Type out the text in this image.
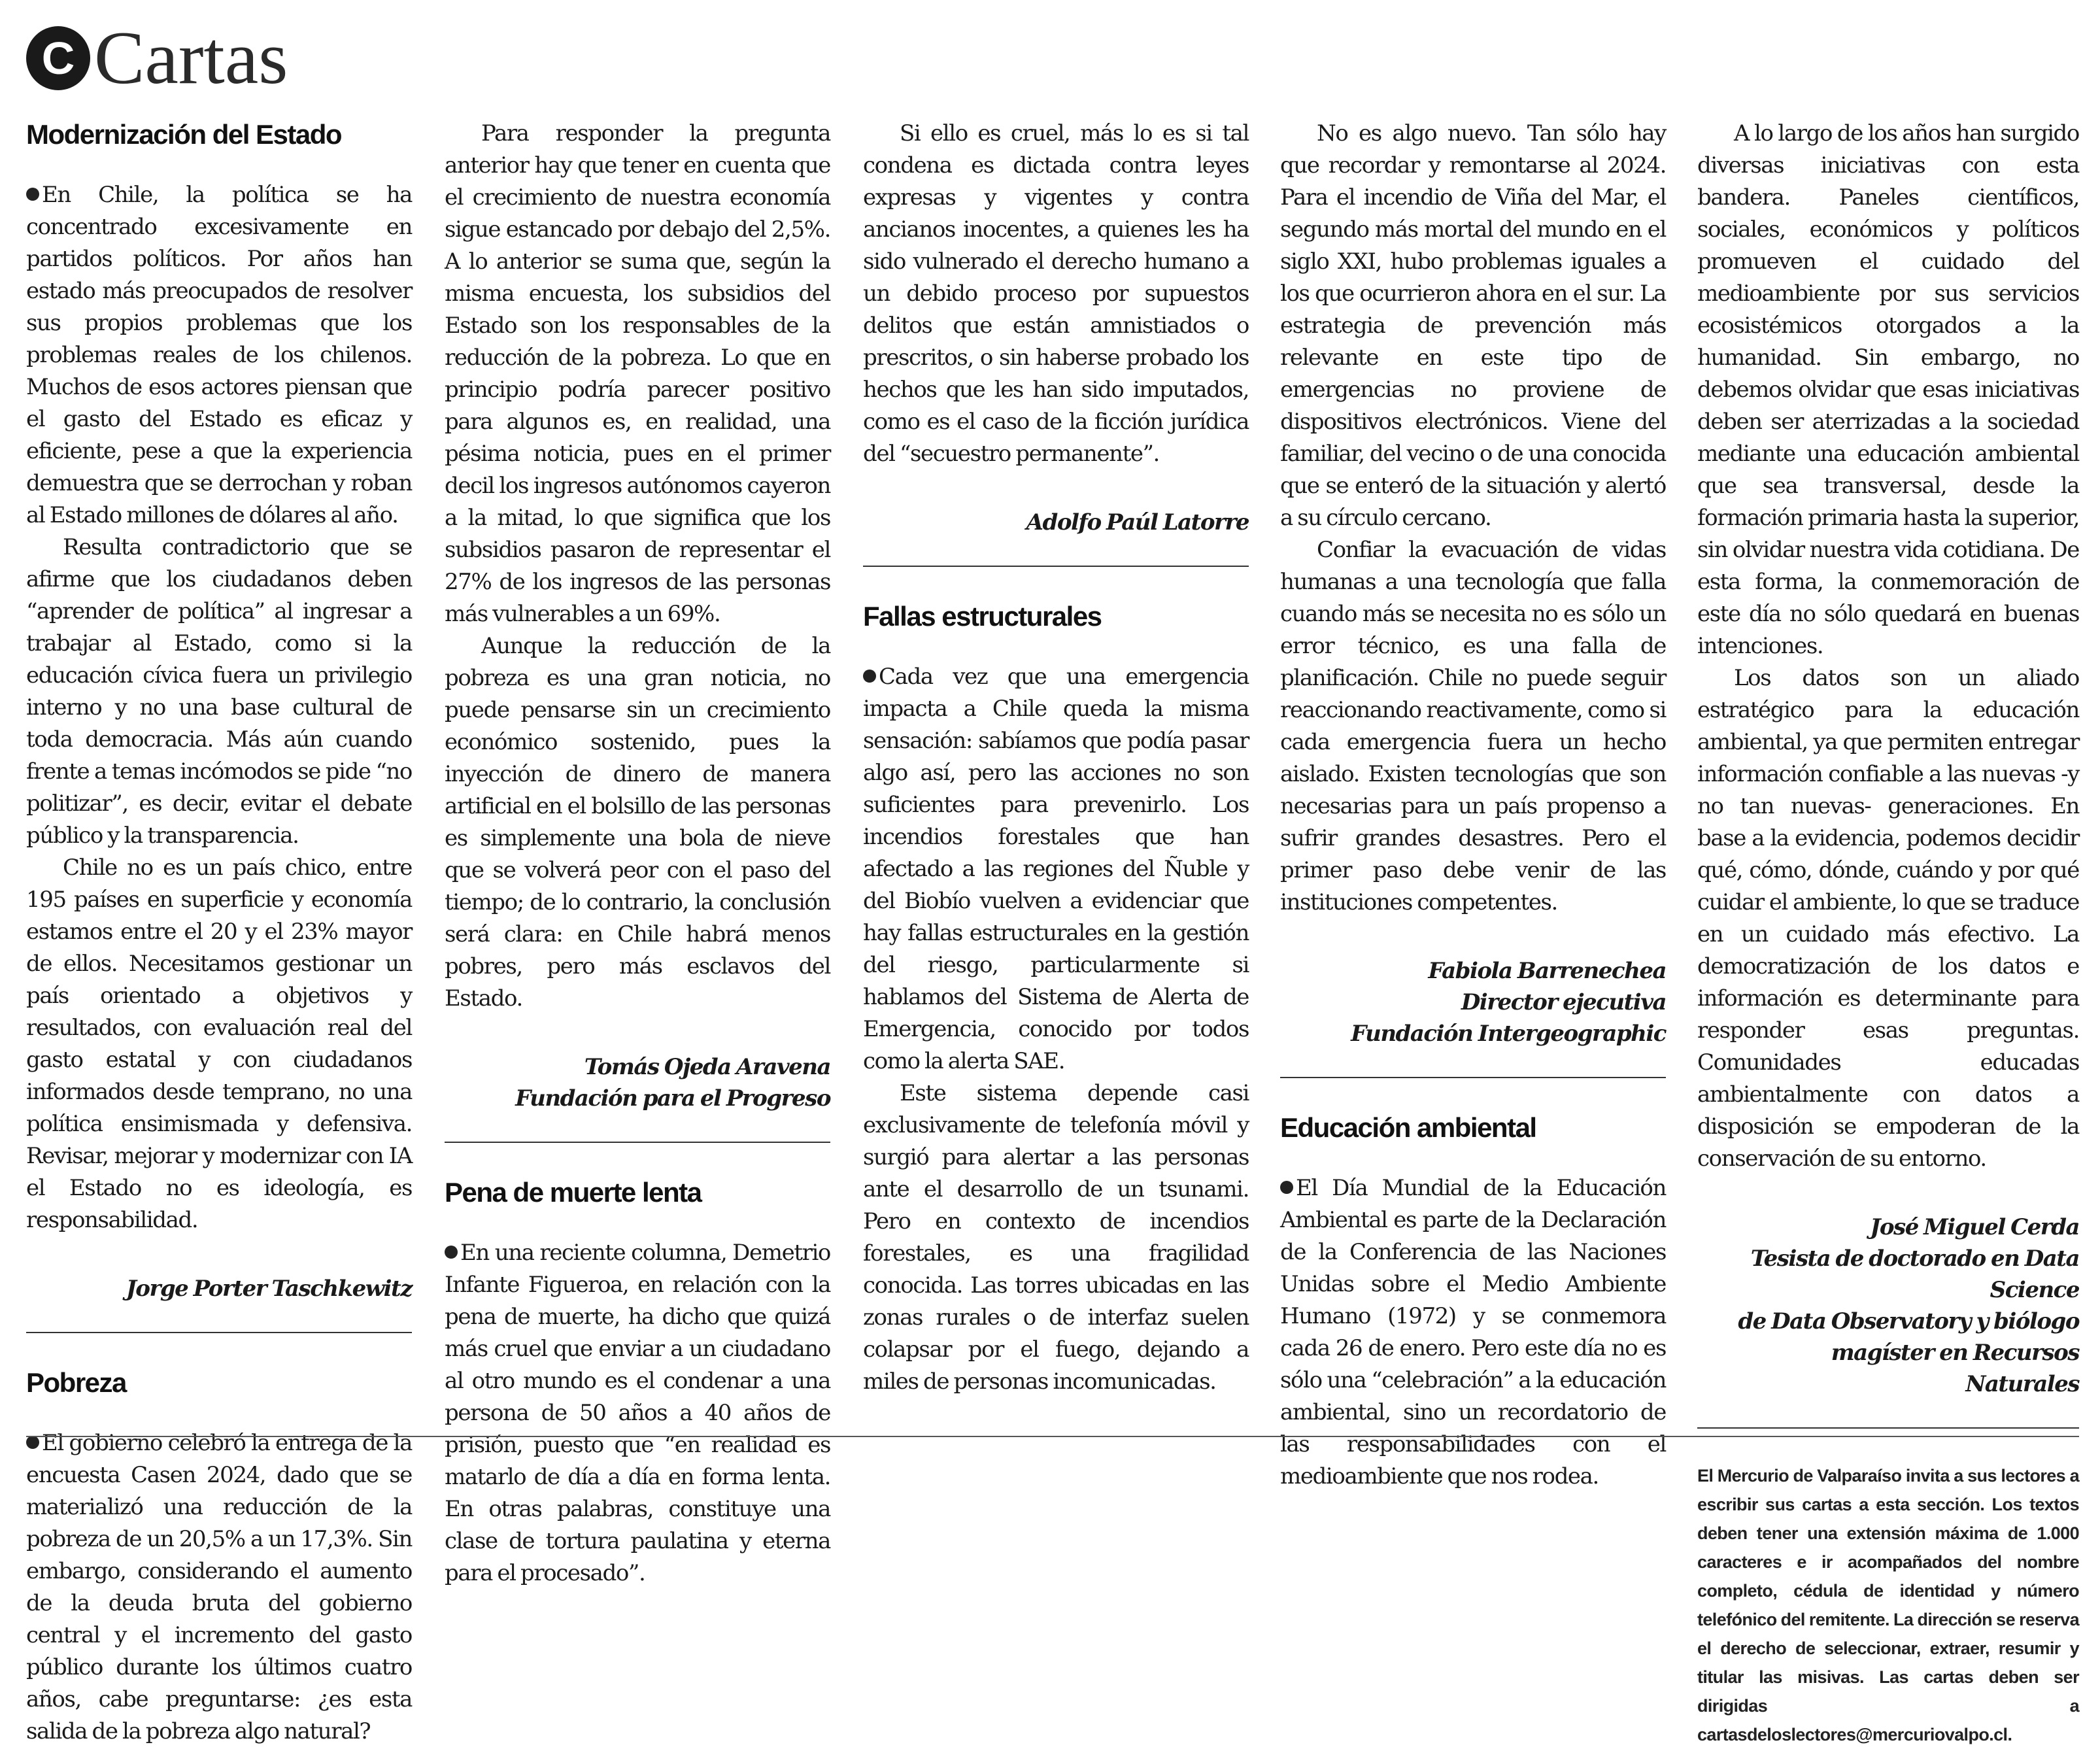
C Cartas
Modernización del Estado

En Chile, la política se ha concentrado excesivamente en partidos políticos. Por años han estado más preocupados de resolver sus propios problemas que los problemas reales de los chilenos. Muchos de esos actores piensan que el gasto del Estado es eficaz y eficiente, pese a que la experiencia demuestra que se derrochan y roban al Estado millones de dólares al año.

Resulta contradictorio que se afirme que los ciudadanos deben “aprender de política” al ingresar a trabajar al Estado, como si la educación cívica fuera un privilegio interno y no una base cultural de toda democracia. Más aún cuando frente a temas incómodos se pide “no politizar”, es decir, evitar el debate público y la transparencia.

Chile no es un país chico, entre 195 países en superficie y economía estamos entre el 20 y el 23% mayor de ellos. Necesitamos gestionar un país orientado a objetivos y resultados, con evaluación real del gasto estatal y con ciudadanos informados desde temprano, no una política ensimismada y defensiva. Revisar, mejorar y modernizar con IA el Estado no es ideología, es responsabilidad.

Jorge Porter Taschkewitz

Pobreza

El gobierno celebró la entrega de la encuesta Casen 2024, dado que se materializó una reducción de la pobreza de un 20,5% a un 17,3%. Sin embargo, considerando el aumento de la deuda bruta del gobierno central y el incremento del gasto público durante los últimos cuatro años, cabe preguntarse: ¿es esta salida de la pobreza algo natural?

Para responder la pregunta anterior hay que tener en cuenta que el crecimiento de nuestra economía sigue estancado por debajo del 2,5%. A lo anterior se suma que, según la misma encuesta, los subsidios del Estado son los responsables de la reducción de la pobreza. Lo que en principio podría parecer positivo para algunos es, en realidad, una pésima noticia, pues en el primer decil los ingresos autónomos cayeron a la mitad, lo que significa que los subsidios pasaron de representar el 27% de los ingresos de las personas más vulnerables a un 69%.

Aunque la reducción de la pobreza es una gran noticia, no puede pensarse sin un crecimiento económico sostenido, pues la inyección de dinero de manera artificial en el bolsillo de las personas es simplemente una bola de nieve que se volverá peor con el paso del tiempo; de lo contrario, la conclusión será clara: en Chile habrá menos pobres, pero más esclavos del Estado.

Tomás Ojeda Aravena

Fundación para el Progreso

Pena de muerte lenta

En una reciente columna, Demetrio Infante Figueroa, en relación con la pena de muerte, ha dicho que quizá más cruel que enviar a un ciudadano al otro mundo es el condenar a una persona de 50 años a 40 años de prisión, puesto que “en realidad es matarlo de día a día en forma lenta. En otras palabras, constituye una clase de tortura paulatina y eterna para el procesado”.

Si ello es cruel, más lo es si tal condena es dictada contra leyes expresas y vigentes y contra ancianos inocentes, a quienes les ha sido vulnerado el derecho humano a un debido proceso por supuestos delitos que están amnistiados o prescritos, o sin haberse probado los hechos que les han sido imputados, como es el caso de la ficción jurídica del “secuestro permanente”.

Adolfo Paúl Latorre

Fallas estructurales

Cada vez que una emergencia impacta a Chile queda la misma sensación: sabíamos que podía pasar algo así, pero las acciones no son suficientes para prevenirlo. Los incendios forestales que han afectado a las regiones del Ñuble y del Biobío vuelven a evidenciar que hay fallas estructurales en la gestión del riesgo, particularmente si hablamos del Sistema de Alerta de Emergencia, conocido por todos como la alerta SAE.

Este sistema depende casi exclusivamente de telefonía móvil y surgió para alertar a las personas ante el desarrollo de un tsunami. Pero en contexto de incendios forestales, es una fragilidad conocida. Las torres ubicadas en las zonas rurales o de interfaz suelen colapsar por el fuego, dejando a miles de personas incomunicadas.

No es algo nuevo. Tan sólo hay que recordar y remontarse al 2024. Para el incendio de Viña del Mar, el segundo más mortal del mundo en el siglo XXI, hubo problemas iguales a los que ocurrieron ahora en el sur. La estrategia de prevención más relevante en este tipo de emergencias no proviene de dispositivos electrónicos. Viene del familiar, del vecino o de una conocida que se enteró de la situación y alertó a su círculo cercano.

Confiar la evacuación de vidas humanas a una tecnología que falla cuando más se necesita no es sólo un error técnico, es una falla de planificación. Chile no puede seguir reaccionando reactivamente, como si cada emergencia fuera un hecho aislado. Existen tecnologías que son necesarias para un país propenso a sufrir grandes desastres. Pero el primer paso debe venir de las instituciones competentes.

Fabiola Barrenechea

Director ejecutiva

Fundación Intergeographic

Educación ambiental

El Día Mundial de la Educación Ambiental es parte de la Declaración de la Conferencia de las Naciones Unidas sobre el Medio Ambiente Humano (1972) y se conmemora cada 26 de enero. Pero este día no es sólo una “celebración” a la educación ambiental, sino un recordatorio de las responsabilidades con el medioambiente que nos rodea.

A lo largo de los años han surgido diversas iniciativas con esta bandera. Paneles científicos, sociales, económicos y políticos promueven el cuidado del medioambiente por sus servicios ecosistémicos otorgados a la humanidad. Sin embargo, no debemos olvidar que esas iniciativas deben ser aterrizadas a la sociedad mediante una educación ambiental que sea transversal, desde la formación primaria hasta la superior, sin olvidar nuestra vida cotidiana. De esta forma, la conmemoración de este día no sólo quedará en buenas intenciones.

Los datos son un aliado estratégico para la educación ambiental, ya que permiten entregar información confiable a las nuevas -y no tan nuevas- generaciones. En base a la evidencia, podemos decidir qué, cómo, dónde, cuándo y por qué cuidar el ambiente, lo que se traduce en un cuidado más efectivo. La democratización de los datos e información es determinante para responder esas preguntas. Comunidades educadas ambientalmente con datos a disposición se empoderan de la conservación de su entorno.

José Miguel Cerda

Tesista de doctorado en Data Science

de Data Observatory y biólogo

magíster en Recursos Naturales

El Mercurio de Valparaíso invita a sus lectores a escribir sus cartas a esta sección. Los textos deben tener una extensión máxima de 1.000 caracteres e ir acompañados del nombre completo, cédula de identidad y número telefónico del remitente. La dirección se reserva el derecho de seleccionar, extraer, resumir y titular las misivas. Las cartas deben ser dirigidas a cartasdeloslectores@mercuriovalpo.cl.
